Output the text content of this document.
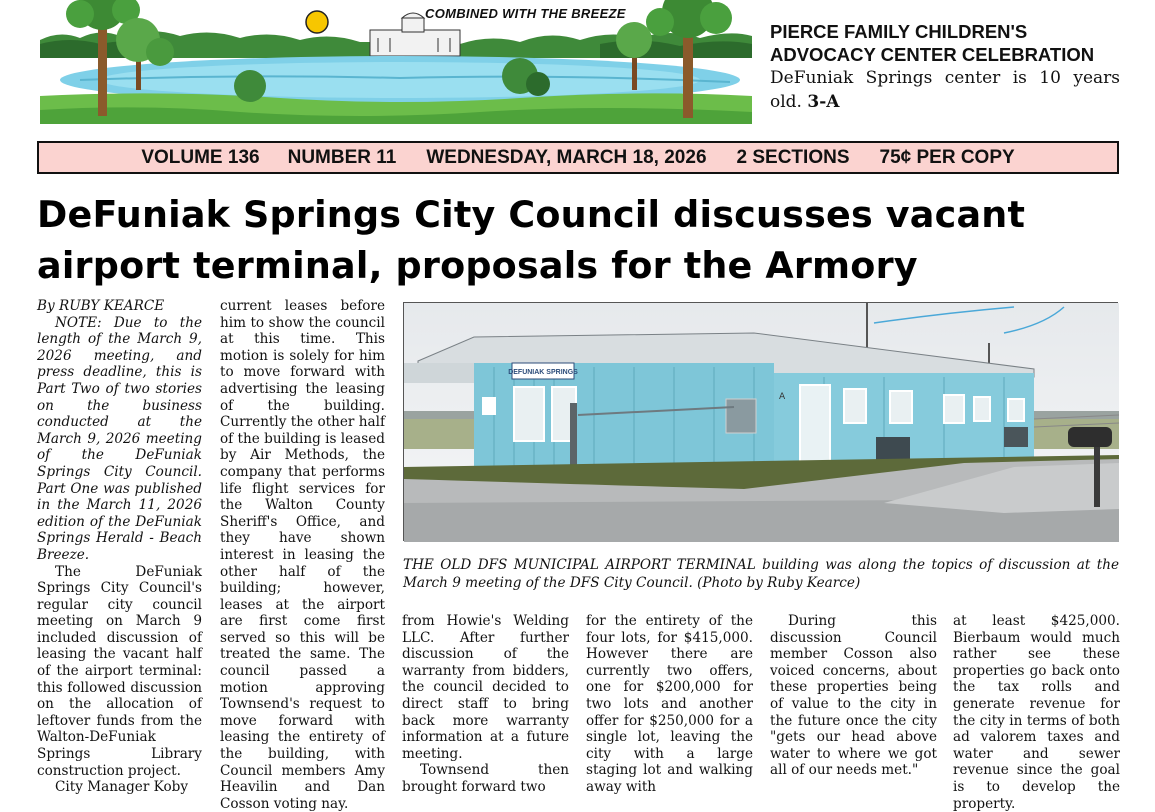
COMBINED WITH THE BREEZE
PIERCE FAMILY CHILDREN'S
ADVOCACY CENTER CELEBRATION
DeFuniak Springs center is 10 years old. 3-A
VOLUME 136 NUMBER 11 WEDNESDAY, MARCH 18, 2026 2 SECTIONS 75¢ PER COPY
DeFuniak Springs City Council discusses vacant
airport terminal, proposals for the Armory

By RUBY KEARCE

NOTE: Due to the length of the March 9, 2026 meeting, and press deadline, this is Part Two of two stories on the business conducted at the March 9, 2026 meeting of the DeFuniak Springs City Council. Part One was published in the March 11, 2026 edition of the DeFuniak Springs Herald - Beach Breeze.

The DeFuniak Springs City Council's regular city council meeting on March 9 included discussion of leasing the vacant half of the airport terminal: this followed discussion on the allocation of leftover funds from the Walton-DeFuniak Springs Library construction project.

City Manager Koby

current leases before him to show the council at this time. This motion is solely for him to move forward with advertising the leasing of the building. Currently the other half of the building is leased by Air Methods, the company that performs life flight services for the Walton County Sheriff's Office, and they have shown interest in leasing the other half of the building; however, leases at the airport are first come first served so this will be treated the same. The council passed a motion approving Townsend's request to move forward with leasing the entirety of the building, with Council members Amy Heavilin and Dan Cosson voting nay.

DEFUNIAK SPRINGS
A
THE OLD DFS MUNICIPAL AIRPORT TERMINAL building was along the topics of discussion at the March 9 meeting of the DFS City Council. (Photo by Ruby Kearce)

from Howie's Welding LLC. After further discussion of the warranty from bidders, the council decided to direct staff to bring back more warranty information at a future meeting.

Townsend then brought forward two

for the entirety of the four lots, for $415,000. However there are currently two offers, one for $200,000 for two lots and another offer for $250,000 for a single lot, leaving the city with a large staging lot and walking away with

During this discussion Council member Cosson also voiced concerns, about these properties being of value to the city in the future once the city "gets our head above water to where we got all of our needs met."

at least $425,000. Bierbaum would much rather see these properties go back onto the tax rolls and generate revenue for the city in terms of both ad valorem taxes and water and sewer revenue since the goal is to develop the property.
